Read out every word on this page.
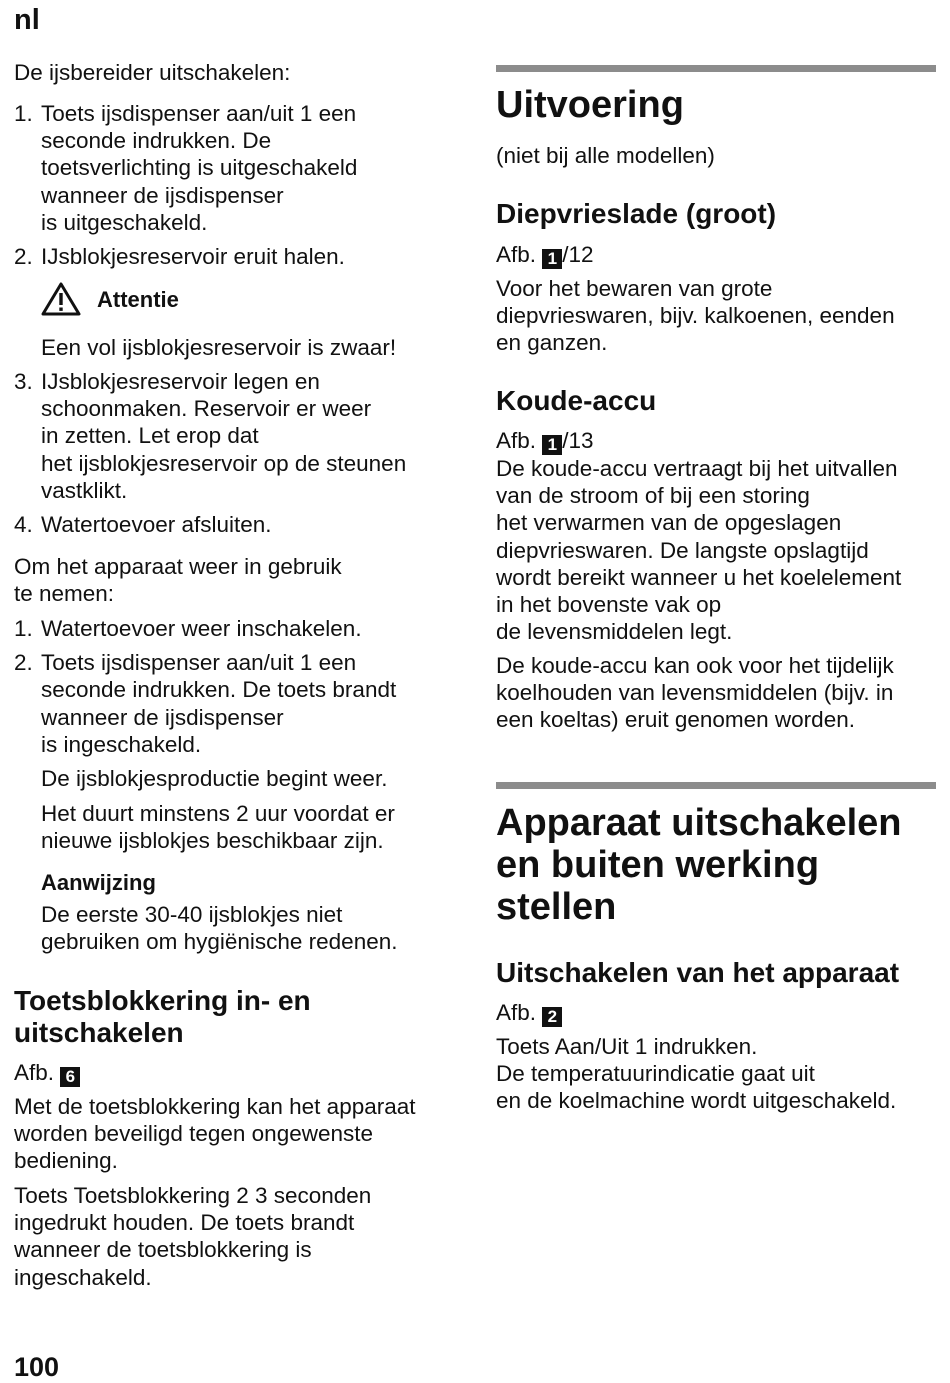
nl

De ijsbereider uitschakelen:

1. Toets ijsdispenser aan/uit 1 een
seconde indrukken. De
toetsverlichting is uitgeschakeld
wanneer de ijsdispenser
is uitgeschakeld.
2. IJsblokjesreservoir eruit halen.
Attentie

Een vol ijsblokjesreservoir is zwaar!

3. IJsblokjesreservoir legen en
schoonmaken. Reservoir er weer
in zetten. Let erop dat
het ijsblokjesreservoir op de steunen
vastklikt.
4. Watertoevoer afsluiten.
Om het apparaat weer in gebruik
te nemen:
1. Watertoevoer weer inschakelen.
2. Toets ijsdispenser aan/uit 1 een
seconde indrukken. De toets brandt
wanneer de ijsdispenser
is ingeschakeld.

De ijsblokjesproductie begint weer.

Het duurt minstens 2 uur voordat er
nieuwe ijsblokjes beschikbaar zijn.
Aanwijzing
De eerste 30-40 ijsblokjes niet
gebruiken om hygiënische redenen.
Toetsblokkering in- en
uitschakelen
Afb. 6
Met de toetsblokkering kan het apparaat
worden beveiligd tegen ongewenste
bediening.
Toets Toetsblokkering 2 3 seconden
ingedrukt houden. De toets brandt
wanneer de toetsblokkering is
ingeschakeld.
Uitvoering

(niet bij alle modellen)

Diepvrieslade (groot)
Afb. 1 /12
Voor het bewaren van grote
diepvrieswaren, bijv. kalkoenen, eenden
en ganzen.
Koude-accu
Afb. 1 /13
De koude-accu vertraagt bij het uitvallen
van de stroom of bij een storing
het verwarmen van de opgeslagen
diepvrieswaren. De langste opslagtijd
wordt bereikt wanneer u het koelelement
in het bovenste vak op
de levensmiddelen legt.
De koude-accu kan ook voor het tijdelijk
koelhouden van levensmiddelen (bijv. in
een koeltas) eruit genomen worden.
Apparaat uitschakelen
en buiten werking
stellen
Uitschakelen van het apparaat
Afb. 2
Toets Aan/Uit 1 indrukken.
De temperatuurindicatie gaat uit
en de koelmachine wordt uitgeschakeld.
100
